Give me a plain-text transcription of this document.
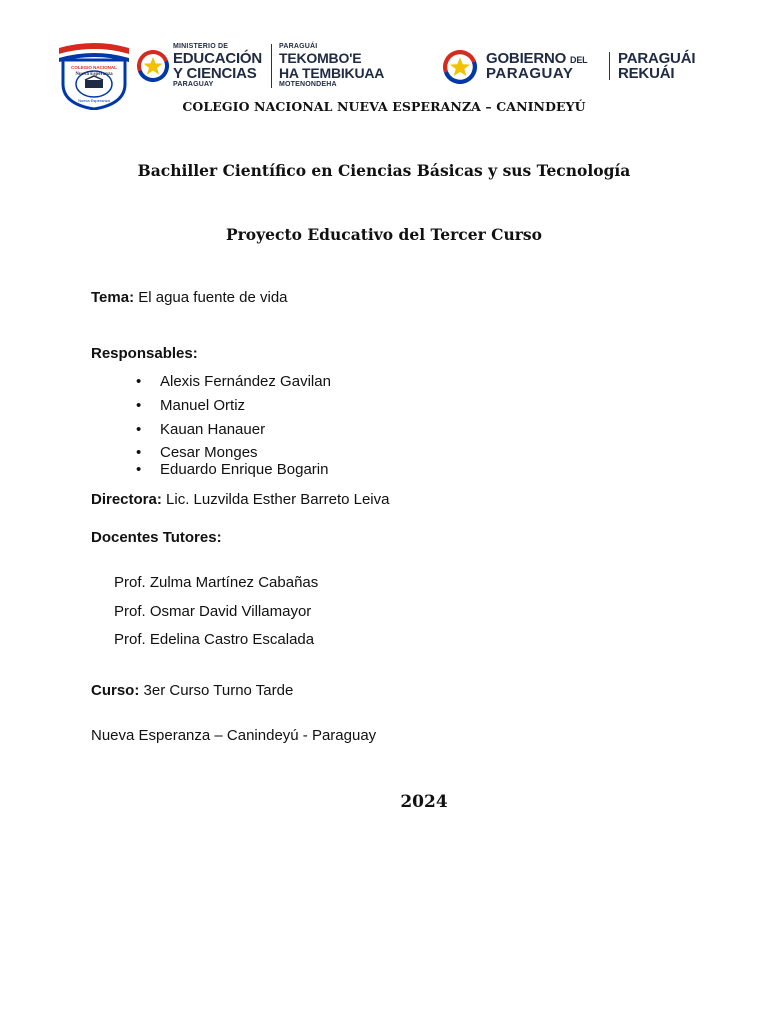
COLEGIO NACIONAL
Nueva Esperanza
Nueva Esperanza
MINISTERIO DE
EDUCACIÓN
Y CIENCIAS
PARAGUAY
PARAGUÁI
TEKOMBO'E
HA TEMBIKUAA
MOTENONDEHA
GOBIERNO DEL
PARAGUAY
PARAGUÁI
REKUÁI
COLEGIO NACIONAL NUEVA ESPERANZA – CANINDEYÚ
Bachiller Científico en Ciencias Básicas y sus Tecnología
Proyecto Educativo del Tercer Curso
Tema: El agua fuente de vida
Responsables:
• Alexis Fernández Gavilan
• Manuel Ortiz
• Kauan Hanauer
• Cesar Monges
• Eduardo Enrique Bogarin
Directora: Lic. Luzvilda Esther Barreto Leiva
Docentes Tutores:
Prof. Zulma Martínez Cabañas
Prof. Osmar David Villamayor
Prof. Edelina Castro Escalada
Curso: 3er Curso Turno Tarde
Nueva Esperanza – Canindeyú - Paraguay
2024
